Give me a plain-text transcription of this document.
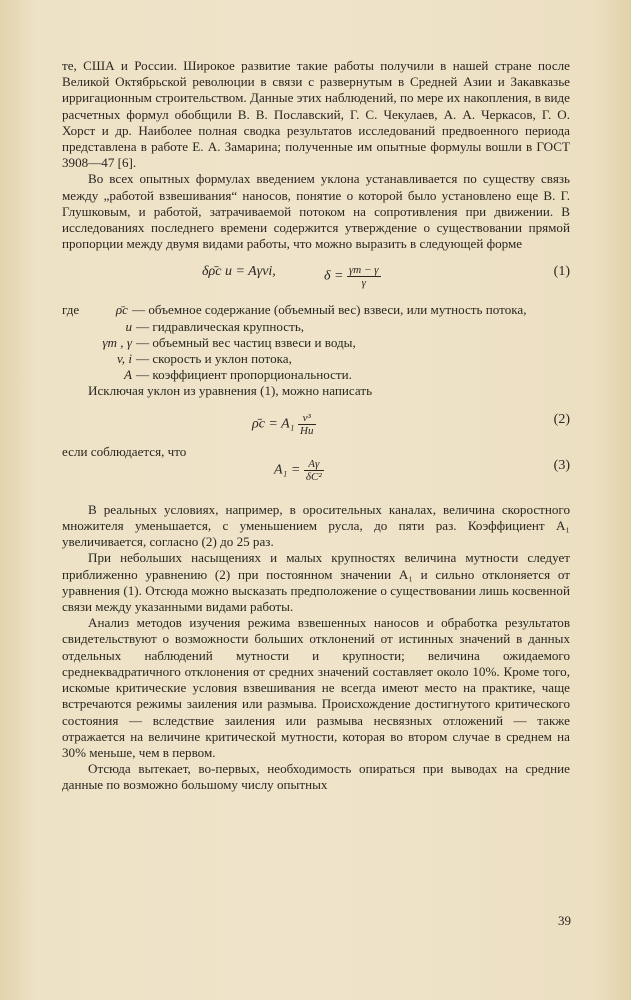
те, США и России. Широкое развитие такие работы получили в нашей стране после Великой Октябрьской революции в связи с развернутым в Средней Азии и Закавказье ирригационным строительством. Данные этих наблюдений, по мере их накопления, в виде расчетных формул обобщили В. В. Пославский, Г. С. Чекулаев, А. А. Черкасов, Г. О. Хорст и др. Наиболее полная сводка результатов исследований предвоенного периода представлена в работе Е. А. Замарина; полученные им опытные формулы вошли в ГОСТ 3908—47 [6].

Во всех опытных формулах введением уклона устанавливается по существу связь между „работой взвешивания“ наносов, понятие о которой было установлено еще В. Г. Глушковым, и работой, затрачиваемой потоком на сопротивления при движении. В исследованиях последнего времени содержится утверждение о существовании прямой пропорции между двумя видами работы, что можно выразить в следующей форме

δρ̄c u = Aγvi,	$\delta = \frac{\gamma т - \gamma}{\gamma}$	(1)
где	ρ̄c — объемное содержание (объемный вес) взвеси, или мутность потока,
u — гидравлическая крупность,
γт , γ — объемный вес частиц взвеси и воды,
v, i — скорость и уклон потока,
A — коэффициент пропорциональности.

Исключая уклон из уравнения (1), можно написать

ρ̄c = $A_1 \frac{\text{v³}}{Hu}$	(2)

если соблюдается, что

$A_1 = \frac{A\gamma}{\text{δC²}}$	(3)

В реальных условиях, например, в оросительных каналах, величина скоростного множителя уменьшается, с уменьшением русла, до пяти раз. Коэффициент A₁ увеличивается, согласно (2) до 25 раз.

При небольших насыщениях и малых крупностях величина мутности следует приближенно уравнению (2) при постоянном значении A₁ и сильно отклоняется от уравнения (1). Отсюда можно высказать предположение о существовании лишь косвенной связи между указанными видами работы.

Анализ методов изучения режима взвешенных наносов и обработка результатов свидетельствуют о возможности больших отклонений от истинных значений в данных отдельных наблюдений мутности и крупности; величина ожидаемого среднеквадратичного отклонения от средних значений составляет около 10%. Кроме того, искомые критические условия взвешивания не всегда имеют место на практике, чаще встречаются режимы заиления или размыва. Происхождение достигнутого критического состояния — вследствие заиления или размыва несвязных отложений — также отражается на величине критической мутности, которая во втором случае в среднем на 30% меньше, чем в первом.

Отсюда вытекает, во-первых, необходимость опираться при выводах на средние данные по возможно большому числу опытных

39
